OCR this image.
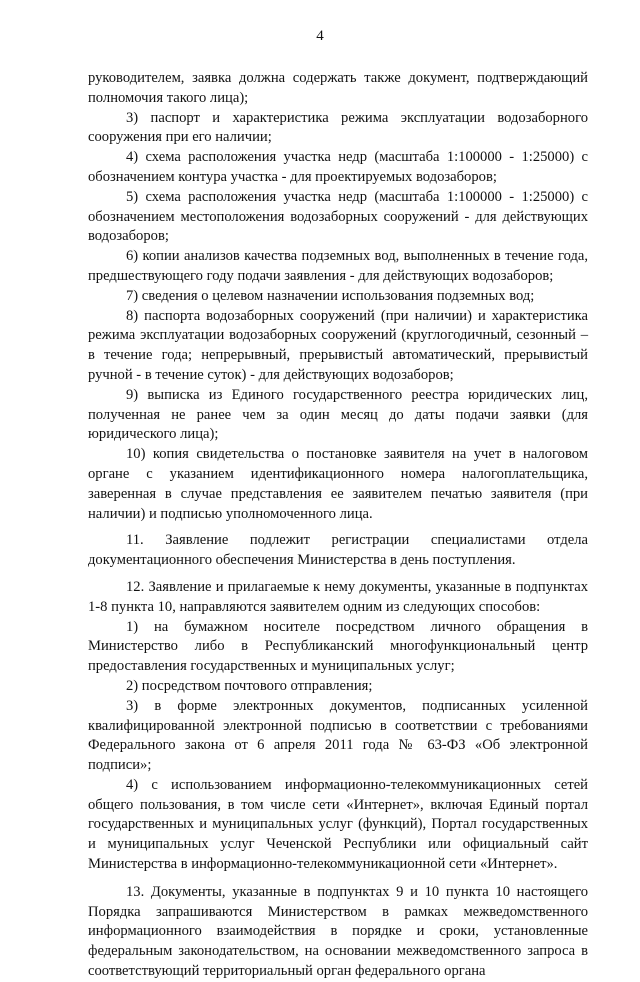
4

руководителем, заявка должна содержать также документ, подтверждающий полномочия такого лица);

3) паспорт и характеристика режима эксплуатации водозаборного сооружения при его наличии;

4) схема расположения участка недр (масштаба 1:100000 - 1:25000) с обозначением контура участка - для проектируемых водозаборов;

5) схема расположения участка недр (масштаба 1:100000 - 1:25000) с обозначением местоположения водозаборных сооружений - для действующих водозаборов;

6) копии анализов качества подземных вод, выполненных в течение года, предшествующего году подачи заявления - для действующих водозаборов;

7) сведения о целевом назначении использования подземных вод;

8) паспорта водозаборных сооружений (при наличии) и характеристика режима эксплуатации водозаборных сооружений (круглогодичный, сезонный – в течение года; непрерывный, прерывистый автоматический, прерывистый ручной - в течение суток) - для действующих водозаборов;

9) выписка из Единого государственного реестра юридических лиц, полученная не ранее чем за один месяц до даты подачи заявки (для юридического лица);

10) копия свидетельства о постановке заявителя на учет в налоговом органе с указанием идентификационного номера налогоплательщика, заверенная в случае представления ее заявителем печатью заявителя (при наличии) и подписью уполномоченного лица.

11. Заявление подлежит регистрации специалистами отдела документационного обеспечения Министерства в день поступления.

12. Заявление и прилагаемые к нему документы, указанные в подпунктах 1-8 пункта 10, направляются заявителем одним из следующих способов:

1) на бумажном носителе посредством личного обращения в Министерство либо в Республиканский многофункциональный центр предоставления государственных и муниципальных услуг;

2) посредством почтового отправления;

3) в форме электронных документов, подписанных усиленной квалифицированной электронной подписью в соответствии с требованиями Федерального закона от 6 апреля 2011 года № 63-ФЗ «Об электронной подписи»;

4) с использованием информационно-телекоммуникационных сетей общего пользования, в том числе сети «Интернет», включая Единый портал государственных и муниципальных услуг (функций), Портал государственных и муниципальных услуг Чеченской Республики или официальный сайт Министерства в информационно-телекоммуникационной сети «Интернет».

13. Документы, указанные в подпунктах 9 и 10 пункта 10 настоящего Порядка запрашиваются Министерством в рамках межведомственного информационного взаимодействия в порядке и сроки, установленные федеральным законодательством, на основании межведомственного запроса в соответствующий территориальный орган федерального органа
